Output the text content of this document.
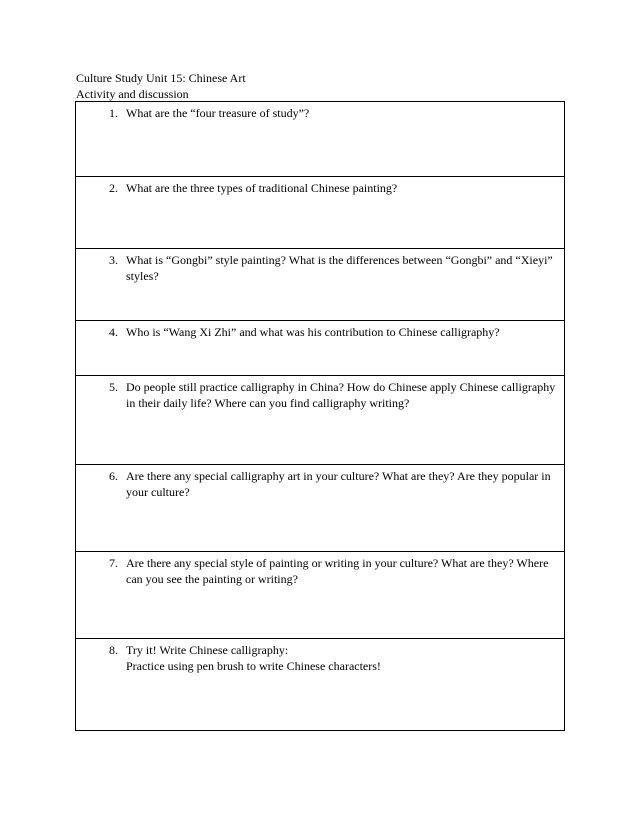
Culture Study Unit 15: Chinese Art
Activity and discussion
1. What are the “four treasure of study”?

2. What are the three types of traditional Chinese painting?

3. What is “Gongbi” style painting? What is the differences between “Gongbi” and “Xieyi” styles?

4. Who is “Wang Xi Zhi” and what was his contribution to Chinese calligraphy?

5. Do people still practice calligraphy in China? How do Chinese apply Chinese calligraphy in their daily life? Where can you find calligraphy writing?

6. Are there any special calligraphy art in your culture? What are they? Are they popular in your culture?

7. Are there any special style of painting or writing in your culture? What are they? Where can you see the painting or writing?

8. Try it! Write Chinese calligraphy:
Practice using pen brush to write Chinese characters!
